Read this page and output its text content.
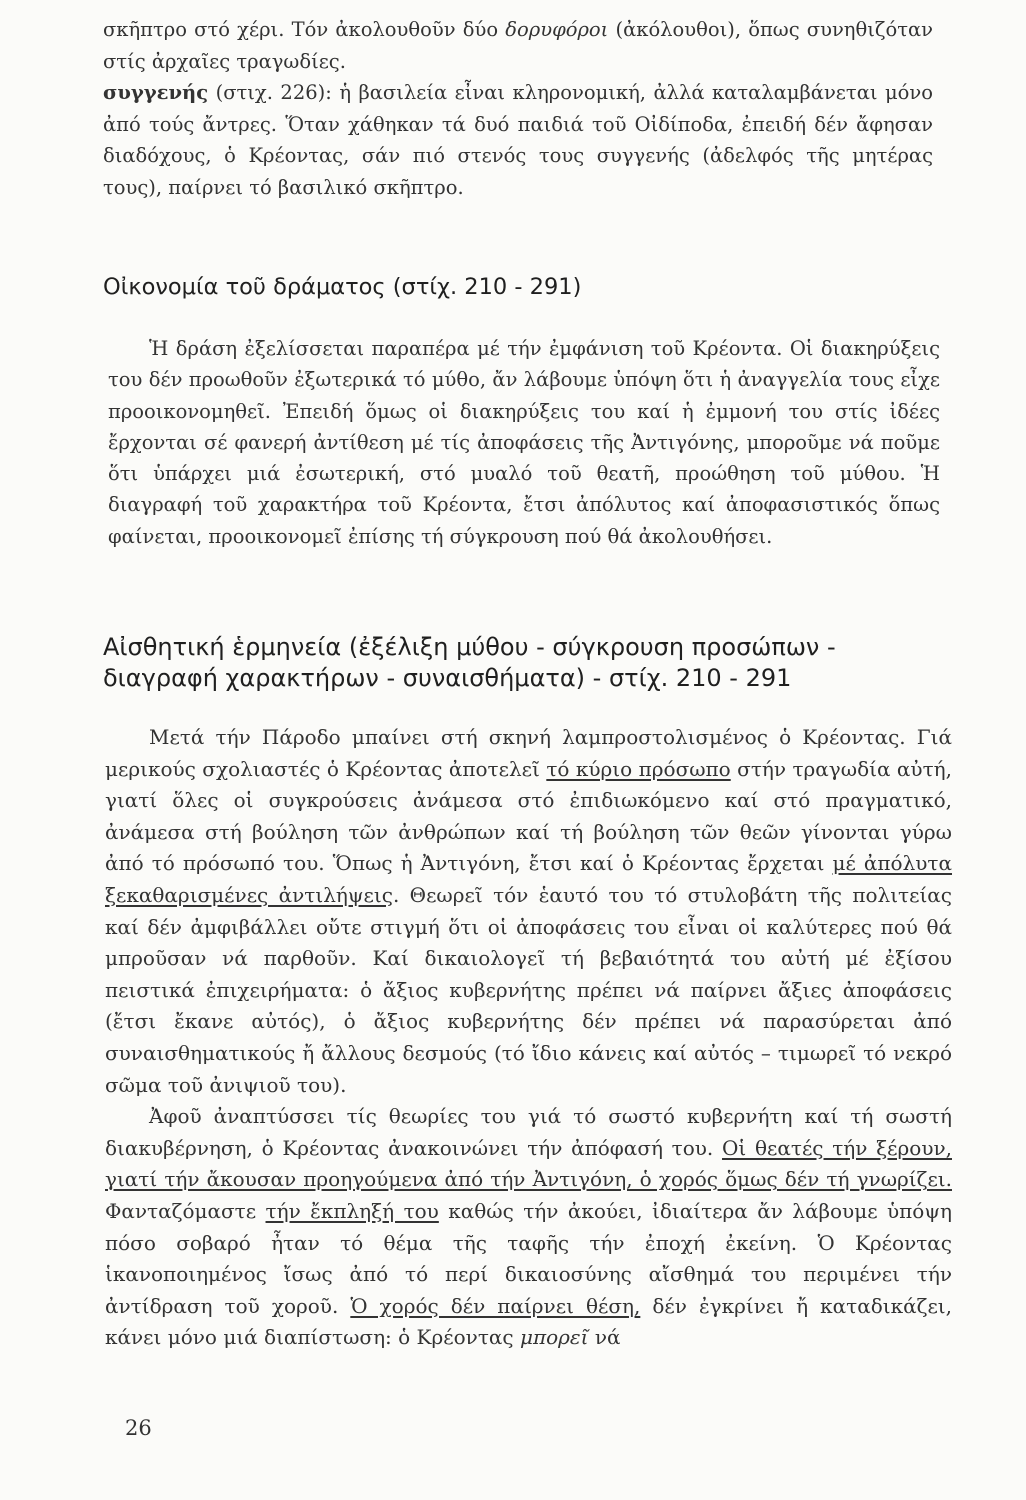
σκῆπτρο στό χέρι. Τόν ἀκολουθοῦν δύο δορυφόροι (ἀκόλουθοι), ὅπως συνηθιζόταν στίς ἀρχαῖες τραγωδίες.

συγγενής (στιχ. 226): ἡ βασιλεία εἶναι κληρονομική, ἀλλά καταλαμβάνεται μόνο ἀπό τούς ἄντρες. Ὅταν χάθηκαν τά δυό παιδιά τοῦ Οἰδίποδα, ἐπειδή δέν ἄφησαν διαδόχους, ὁ Κρέοντας, σάν πιό στενός τους συγγενής (ἀδελφός τῆς μητέρας τους), παίρνει τό βασιλικό σκῆπτρο.

Οἰκονομία τοῦ δράματος (στίχ. 210 - 291)

Ἡ δράση ἐξελίσσεται παραπέρα μέ τήν ἐμφάνιση τοῦ Κρέοντα. Οἱ διακηρύξεις του δέν προωθοῦν ἐξωτερικά τό μύθο, ἄν λάβουμε ὑπόψη ὅτι ἡ ἀναγγελία τους εἶχε προοικονομηθεῖ. Ἐπειδή ὅμως οἱ διακηρύξεις του καί ἡ ἐμμονή του στίς ἰδέες ἔρχονται σέ φανερή ἀντίθεση μέ τίς ἀποφάσεις τῆς Ἀντιγόνης, μποροῦμε νά ποῦμε ὅτι ὑπάρχει μιά ἐσωτερική, στό μυαλό τοῦ θεατῆ, προώθηση τοῦ μύθου. Ἡ διαγραφή τοῦ χαρακτήρα τοῦ Κρέοντα, ἔτσι ἀπόλυτος καί ἀποφασιστικός ὅπως φαίνεται, προοικονομεῖ ἐπίσης τή σύγκρουση πού θά ἀκολουθήσει.

Αἰσθητική ἑρμηνεία (ἐξέλιξη μύθου - σύγκρουση προσώπων - διαγραφή χαρακτήρων - συναισθήματα) - στίχ. 210 - 291

Μετά τήν Πάροδο μπαίνει στή σκηνή λαμπροστολισμένος ὁ Κρέοντας. Γιά μερικούς σχολιαστές ὁ Κρέοντας ἀποτελεῖ τό κύριο πρόσωπο στήν τραγωδία αὐτή, γιατί ὅλες οἱ συγκρούσεις ἀνάμεσα στό ἐπιδιωκόμενο καί στό πραγματικό, ἀνάμεσα στή βούληση τῶν ἀνθρώπων καί τή βούληση τῶν θεῶν γίνονται γύρω ἀπό τό πρόσωπό του. Ὅπως ἡ Ἀντιγόνη, ἔτσι καί ὁ Κρέοντας ἔρχεται μέ ἀπόλυτα ξεκαθαρισμένες ἀντιλήψεις. Θεωρεῖ τόν ἑαυτό του τό στυλοβάτη τῆς πολιτείας καί δέν ἀμφιβάλλει οὔτε στιγμή ὅτι οἱ ἀποφάσεις του εἶναι οἱ καλύτερες πού θά μπροῦσαν νά παρθοῦν. Καί δικαιολογεῖ τή βεβαιότητά του αὐτή μέ ἐξίσου πειστικά ἐπιχειρήματα: ὁ ἄξιος κυβερνήτης πρέπει νά παίρνει ἄξιες ἀποφάσεις (ἔτσι ἔκανε αὐτός), ὁ ἄξιος κυβερνήτης δέν πρέπει νά παρασύρεται ἀπό συναισθηματικούς ἤ ἄλλους δεσμούς (τό ἴδιο κάνεις καί αὐτός – τιμωρεῖ τό νεκρό σῶμα τοῦ ἀνιψιοῦ του).

Ἀφοῦ ἀναπτύσσει τίς θεωρίες του γιά τό σωστό κυβερνήτη καί τή σωστή διακυβέρνηση, ὁ Κρέοντας ἀνακοινώνει τήν ἀπόφασή του. Οἱ θεατές τήν ξέρουν, γιατί τήν ἄκουσαν προηγούμενα ἀπό τήν Ἀντιγόνη, ὁ χορός ὅμως δέν τή γνωρίζει. Φανταζόμαστε τήν ἔκπληξή του καθώς τήν ἀκούει, ἰδιαίτερα ἄν λάβουμε ὑπόψη πόσο σοβαρό ἦταν τό θέμα τῆς ταφῆς τήν ἐποχή ἐκείνη. Ὁ Κρέοντας ἱκανοποιημένος ἴσως ἀπό τό περί δικαιοσύνης αἴσθημά του περιμένει τήν ἀντίδραση τοῦ χοροῦ. Ὁ χορός δέν παίρνει θέση, δέν ἐγκρίνει ἤ καταδικάζει, κάνει μόνο μιά διαπίστωση: ὁ Κρέοντας μπορεῖ νά

26
